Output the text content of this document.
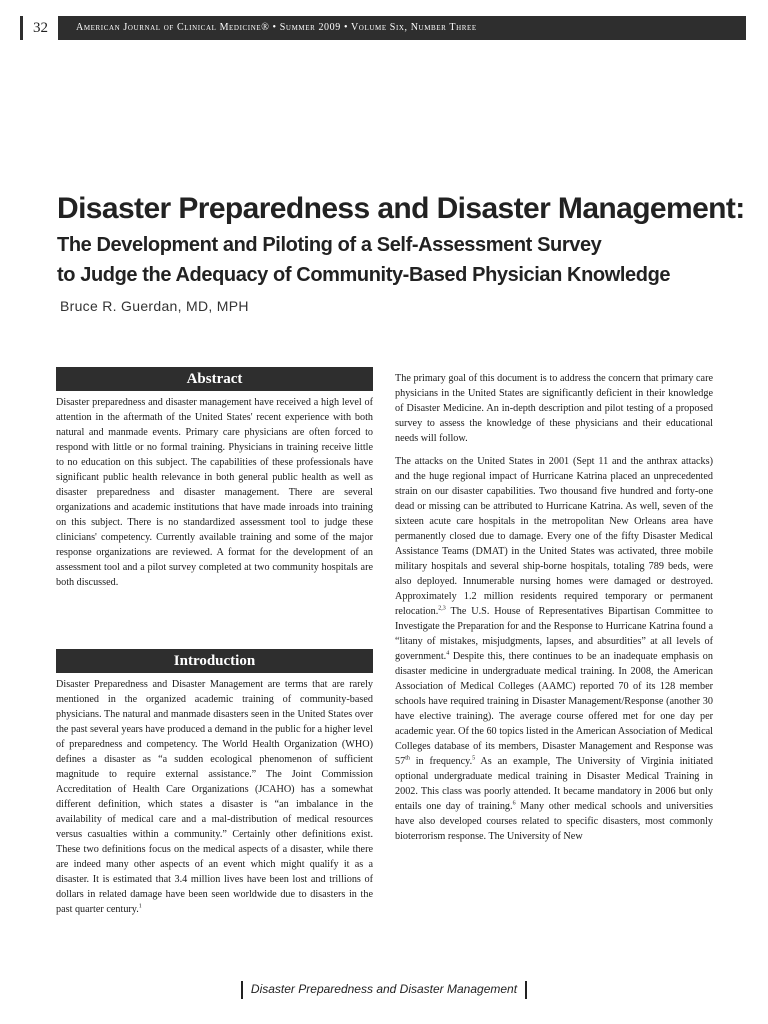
32	American Journal of Clinical Medicine® • Summer 2009 • Volume Six, Number Three
Disaster Preparedness and Disaster Management:
The Development and Piloting of a Self-Assessment Survey
to Judge the Adequacy of Community-Based Physician Knowledge
Bruce R. Guerdan, MD, MPH
Abstract

Disaster preparedness and disaster management have received a high level of attention in the aftermath of the United States' recent experience with both natural and manmade events. Primary care physicians are often forced to respond with little or no formal training. Physicians in training receive little to no education on this subject. The capabilities of these professionals have significant public health relevance in both general public health as well as disaster preparedness and disaster management. There are several organizations and academic institutions that have made inroads into training on this subject. There is no standardized assessment tool to judge these clinicians' competency. Currently available training and some of the major response organizations are reviewed. A format for the development of an assessment tool and a pilot survey completed at two community hospitals are both discussed.

Introduction

Disaster Preparedness and Disaster Management are terms that are rarely mentioned in the organized academic training of community-based physicians. The natural and manmade disasters seen in the United States over the past several years have produced a demand in the public for a higher level of preparedness and competency. The World Health Organization (WHO) defines a disaster as “a sudden ecological phenomenon of sufficient magnitude to require external assistance.” The Joint Commission Accreditation of Health Care Organizations (JCAHO) has a somewhat different definition, which states a disaster is “an imbalance in the availability of medical care and a mal-distribution of medical resources versus casualties within a community.” Certainly other definitions exist. These two definitions focus on the medical aspects of a disaster, while there are indeed many other aspects of an event which might qualify it as a disaster. It is estimated that 3.4 million lives have been lost and trillions of dollars in related damage have been seen worldwide due to disasters in the past quarter century.$^1$

The primary goal of this document is to address the concern that primary care physicians in the United States are significantly deficient in their knowledge of Disaster Medicine. An in-depth description and pilot testing of a proposed survey to assess the knowledge of these physicians and their educational needs will follow.

The attacks on the United States in 2001 (Sept 11 and the anthrax attacks) and the huge regional impact of Hurricane Katrina placed an unprecedented strain on our disaster capabilities. Two thousand five hundred and forty-one dead or missing can be attributed to Hurricane Katrina. As well, seven of the sixteen acute care hospitals in the metropolitan New Orleans area have permanently closed due to damage. Every one of the fifty Disaster Medical Assistance Teams (DMAT) in the United States was activated, three mobile military hospitals and several ship-borne hospitals, totaling 789 beds, were also deployed. Innumerable nursing homes were damaged or destroyed. Approximately 1.2 million residents required temporary or permanent relocation.$^{2,3}$ The U.S. House of Representatives Bipartisan Committee to Investigate the Preparation for and the Response to Hurricane Katrina found a “litany of mistakes, misjudgments, lapses, and absurdities” at all levels of government.$^4$ Despite this, there continues to be an inadequate emphasis on disaster medicine in undergraduate medical training. In 2008, the American Association of Medical Colleges (AAMC) reported 70 of its 128 member schools have required training in Disaster Management/Response (another 30 have elective training). The average course offered met for one day per academic year. Of the 60 topics listed in the American Association of Medical Colleges database of its members, Disaster Management and Response was 57th in frequency.$^5$ As an example, The University of Virginia initiated optional undergraduate medical training in Disaster Medical Training in 2002. This class was poorly attended. It became mandatory in 2006 but only entails one day of training.$^6$ Many other medical schools and universities have also developed courses related to specific disasters, most commonly bioterrorism response. The University of New

Disaster Preparedness and Disaster Management
